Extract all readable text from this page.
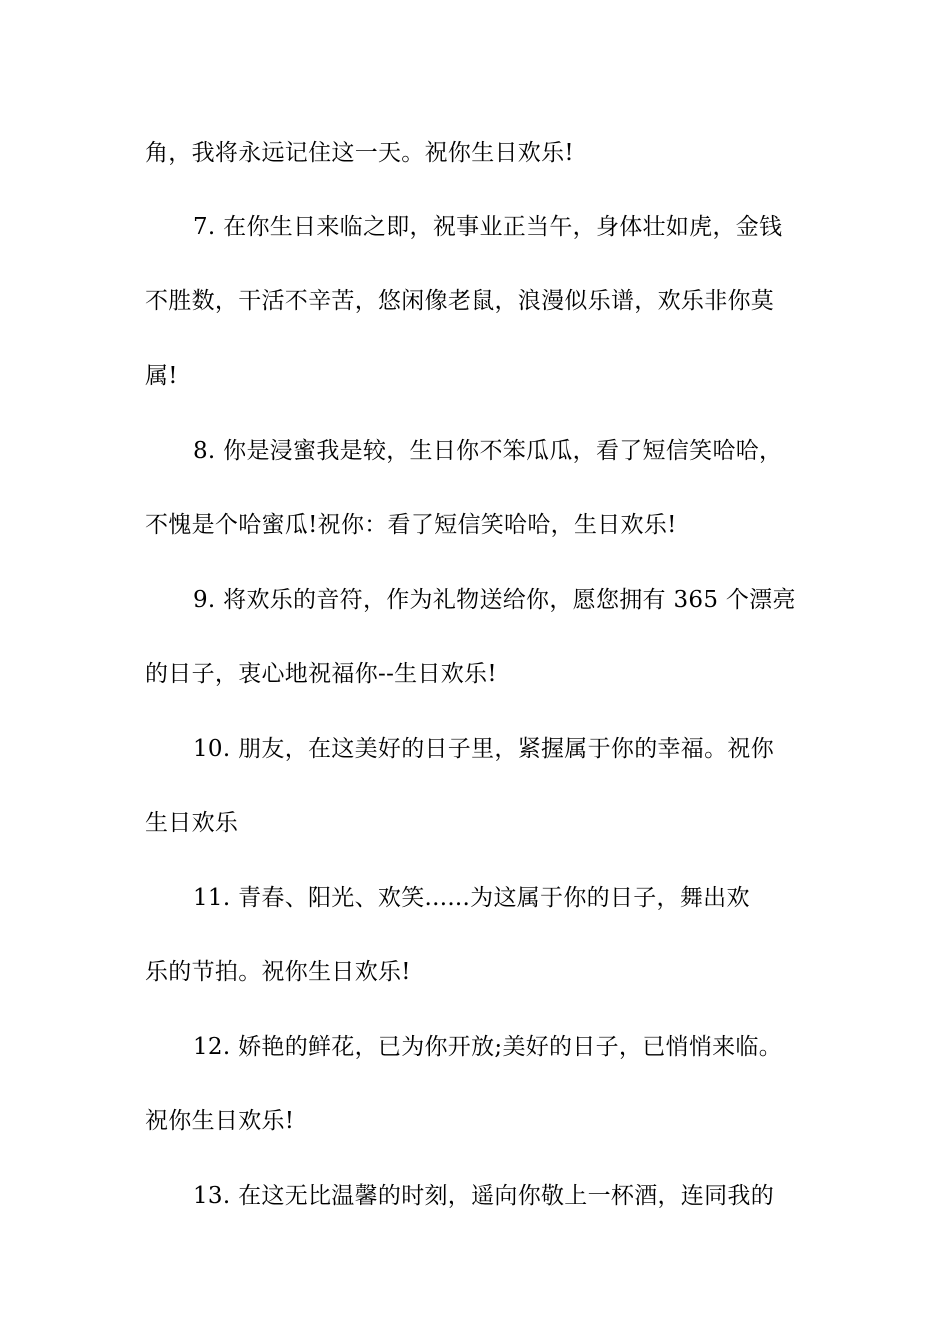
角，我将永远记住这一天。祝你生日欢乐!
7. 在你生日来临之即，祝事业正当午，身体壮如虎，金钱
不胜数，干活不辛苦，悠闲像老鼠，浪漫似乐谱，欢乐非你莫
属!
8. 你是浸蜜我是较，生日你不笨瓜瓜，看了短信笑哈哈，
不愧是个哈蜜瓜!祝你：看了短信笑哈哈，生日欢乐!
9. 将欢乐的音符，作为礼物送给你，愿您拥有 365 个漂亮
的日子，衷心地祝福你--生日欢乐!
10. 朋友，在这美好的日子里，紧握属于你的幸福。祝你
生日欢乐
11. 青春、阳光、欢笑......为这属于你的日子，舞出欢
乐的节拍。祝你生日欢乐!
12. 娇艳的鲜花，已为你开放;美好的日子，已悄悄来临。
祝你生日欢乐!
13. 在这无比温馨的时刻，遥向你敬上一杯酒，连同我的
